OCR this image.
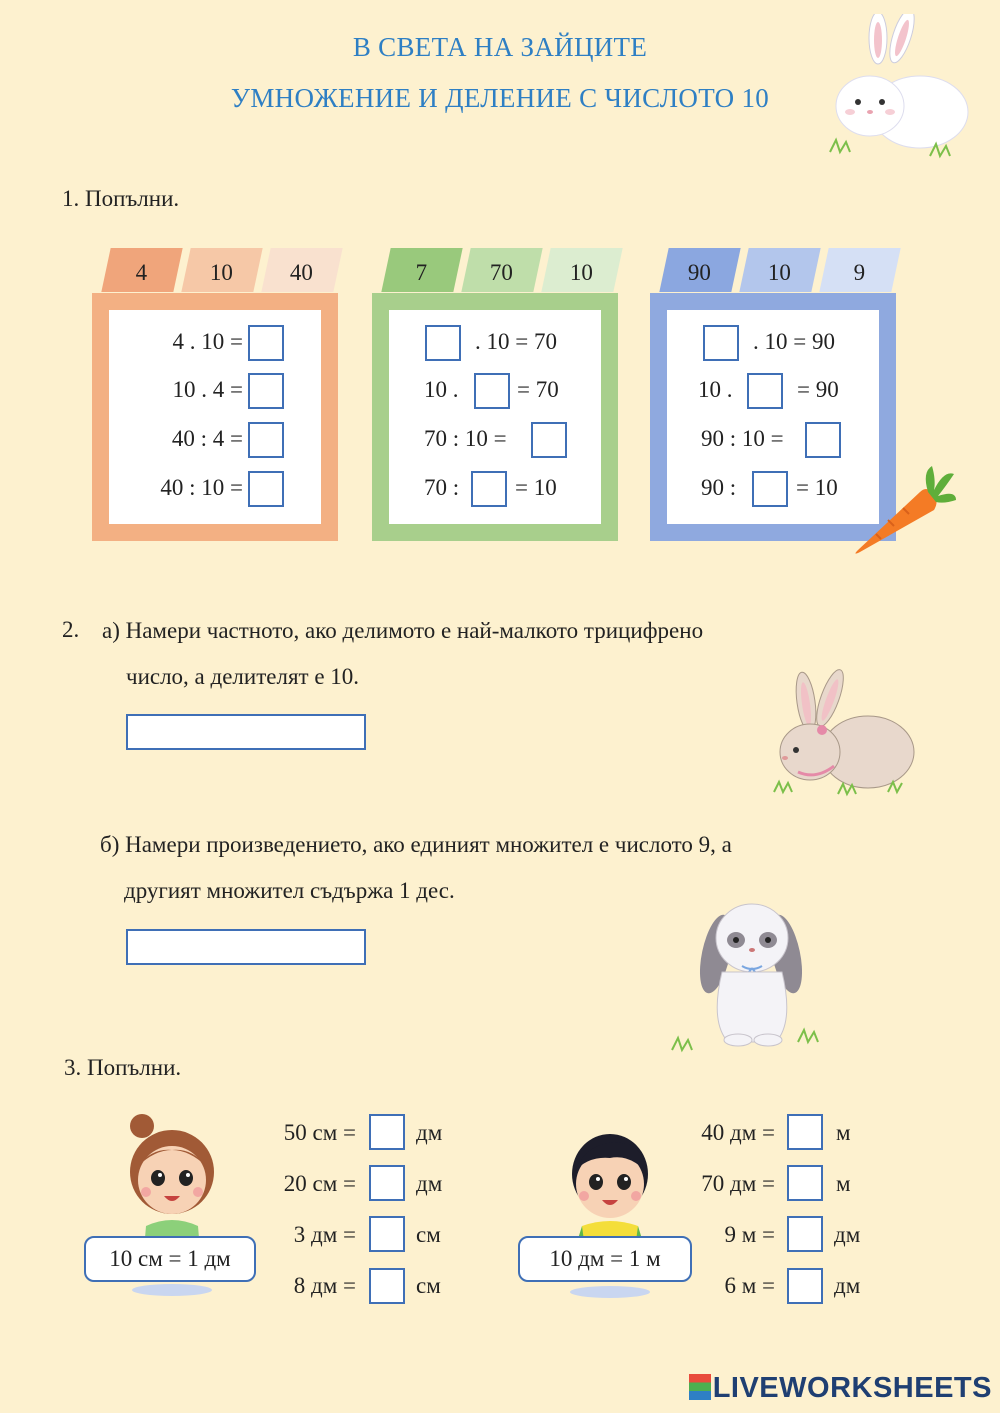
В СВЕТА НА ЗАЙЦИТЕ
УМНОЖЕНИЕ И ДЕЛЕНИЕ С ЧИСЛОТО 10
1. Попълни.
4	10	40
4 . 10 =
10 . 4 =
40 : 4 =
40 : 10 =
7	70	10
. 10 = 70
10 .	= 70
70 : 10 =
70 : = 10
90	10	9
. 10 = 90
10 .	= 90
90 : 10 =
90 :	= 10
2. а) Намери частното, ако делимото е най-малкото трицифрено
число, а делителят е 10.
б) Намери произведението, ако единият множител е числото 9, а
другият множител съдържа 1 дес.
3. Попълни.
10 см = 1 дм
50 см =	дм
20 см =	дм
3 дм =	см
8 дм =	см
10 дм = 1 м
40 дм =	м
70 дм =	м
9 м =	дм
6 м =	дм
LIVEWORKSHEETS
